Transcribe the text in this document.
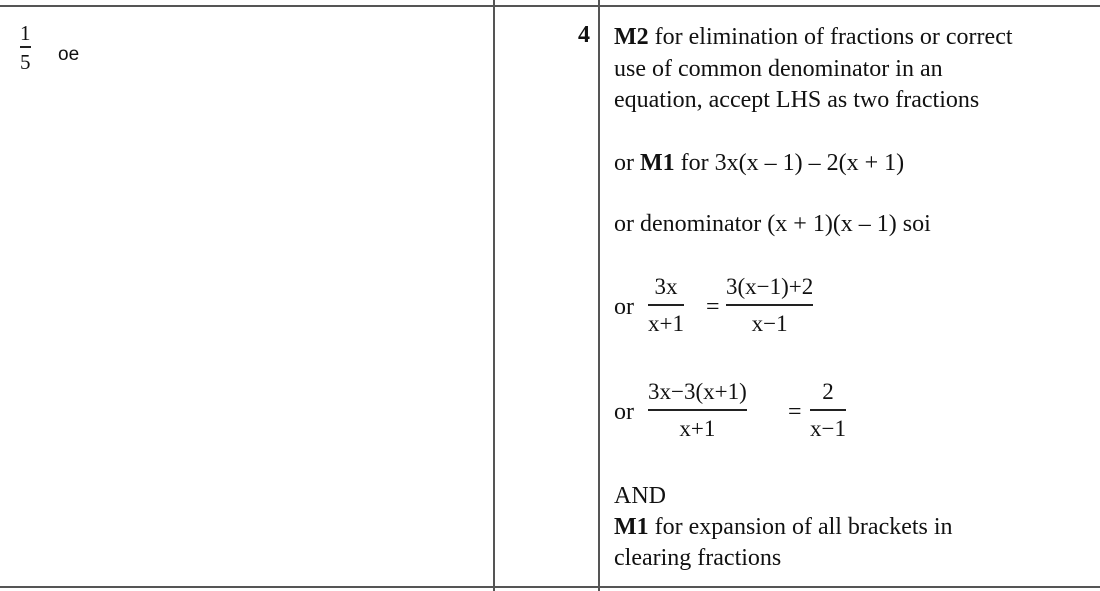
1
5 oe
4 M2 for elimination of fractions or correct
use of common denominator in an
equation, accept LHS as two fractions
or M1 for 3x(x – 1) – 2(x + 1)
or denominator (x + 1)(x – 1) soi
or
3x
x+1
=
3(x−1)+2
x−1
or
3x−3(x+1)
x+1
=
2
x−1
AND
M1 for expansion of all brackets in
clearing fractions
